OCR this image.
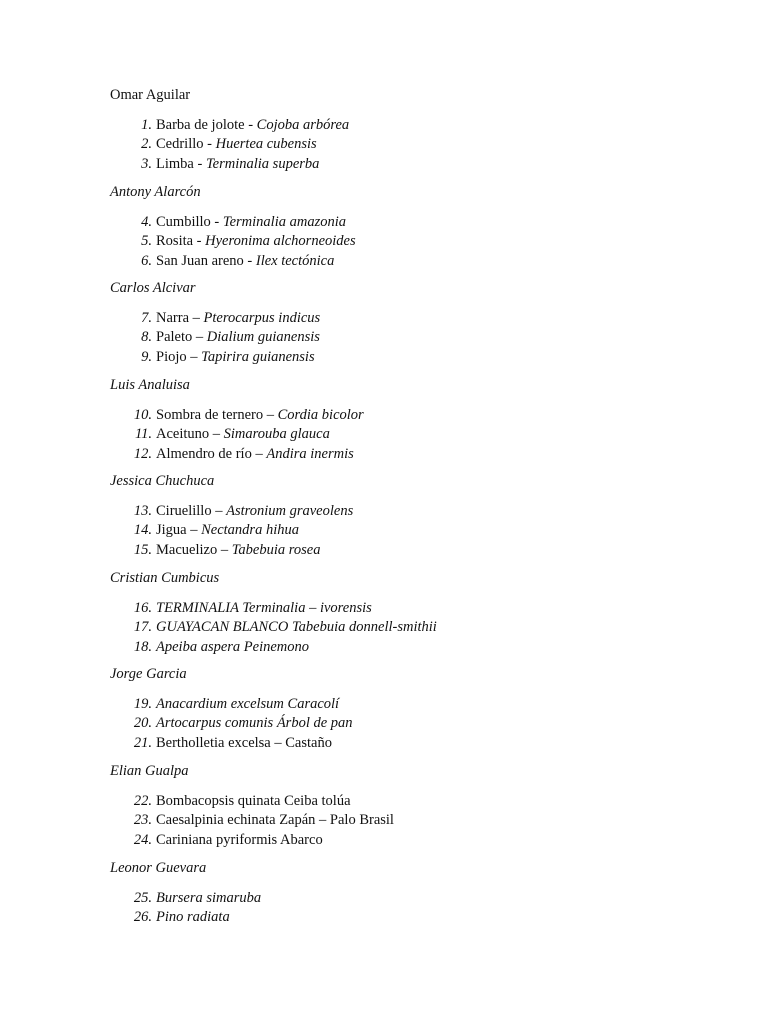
Omar Aguilar
1. Barba de jolote - Cojoba arbórea
2. Cedrillo - Huertea cubensis
3. Limba - Terminalia superba
Antony Alarcón
4. Cumbillo - Terminalia amazonia
5. Rosita - Hyeronima alchorneoides
6. San Juan areno - Ilex tectónica
Carlos Alcivar
7. Narra – Pterocarpus indicus
8. Paleto – Dialium guianensis
9. Piojo – Tapirira guianensis
Luis Analuisa
10. Sombra de ternero – Cordia bicolor
11. Aceituno – Simarouba glauca
12. Almendro de río – Andira inermis
Jessica Chuchuca
13. Ciruelillo – Astronium graveolens
14. Jigua – Nectandra hihua
15. Macuelizo – Tabebuia rosea
Cristian Cumbicus
16. TERMINALIA Terminalia – ivorensis
17. GUAYACAN BLANCO Tabebuia donnell-smithii
18. Apeiba aspera Peinemono
Jorge Garcia
19. Anacardium excelsum Caracolí
20. Artocarpus comunis Árbol de pan
21. Bertholletia excelsa – Castaño
Elian Gualpa
22. Bombacopsis quinata Ceiba tolúa
23. Caesalpinia echinata Zapán – Palo Brasil
24. Cariniana pyriformis Abarco
Leonor Guevara
25. Bursera simaruba
26. Pino radiata
